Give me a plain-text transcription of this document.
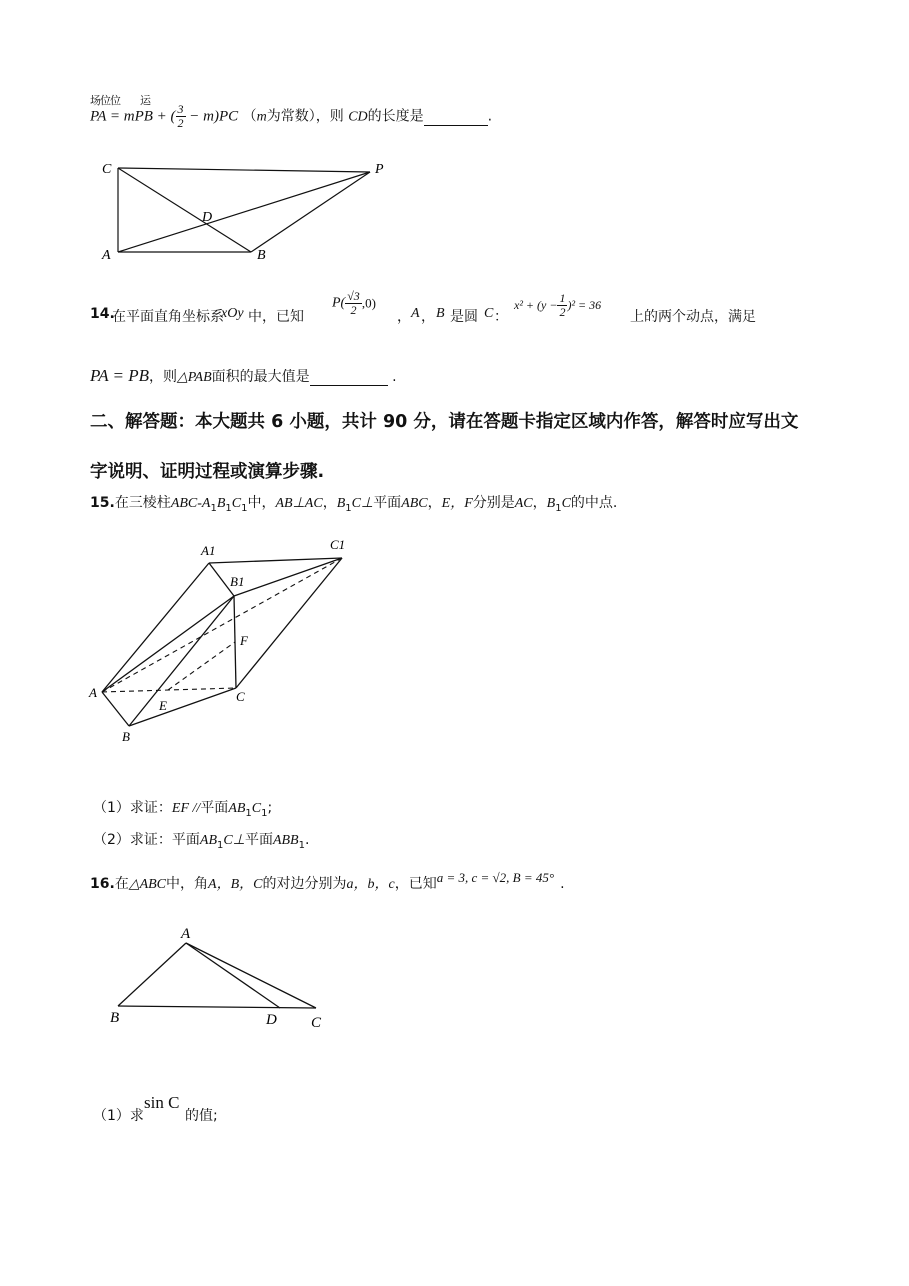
场位位　　运
PA = mPB + ( $\frac{3}{2} - m)PC$ （m为常数），则 CD的长度是	.
C	P
D
A	B
14.
在平面直角坐标系
xOy 中，已知
$P( \frac{√3}{2} ,0)$
， A ， B 是圆 C ：
$x^2 + (y - \frac{1}{2} )^2 = 36$
上的两个动点，满足
PA = PB，则△PAB面积的最大值是	.
二、解答题：本大题共 6 小题，共计 90 分，请在答题卡指定区域内作答，解答时应写出文
字说明、证明过程或演算步骤.
15.在三棱柱ABC-$A_1B_1C_1$中，AB⊥AC，$B_1C\perp$平面ABC，E，F分别是AC，$B_1C$的中点.
A1	C1
B1
F
A
E
C
B
（1）求证：EF //平面$AB_1C_1$;
（2）求证：平面$AB_1C\perp$平面$ABB_1$.
16.在△ABC中，角A，B，C的对边分别为a，b，c，已知a = 3, c = √2, B = 45° .
A
B	D C
（1）求
sin C
的值;
